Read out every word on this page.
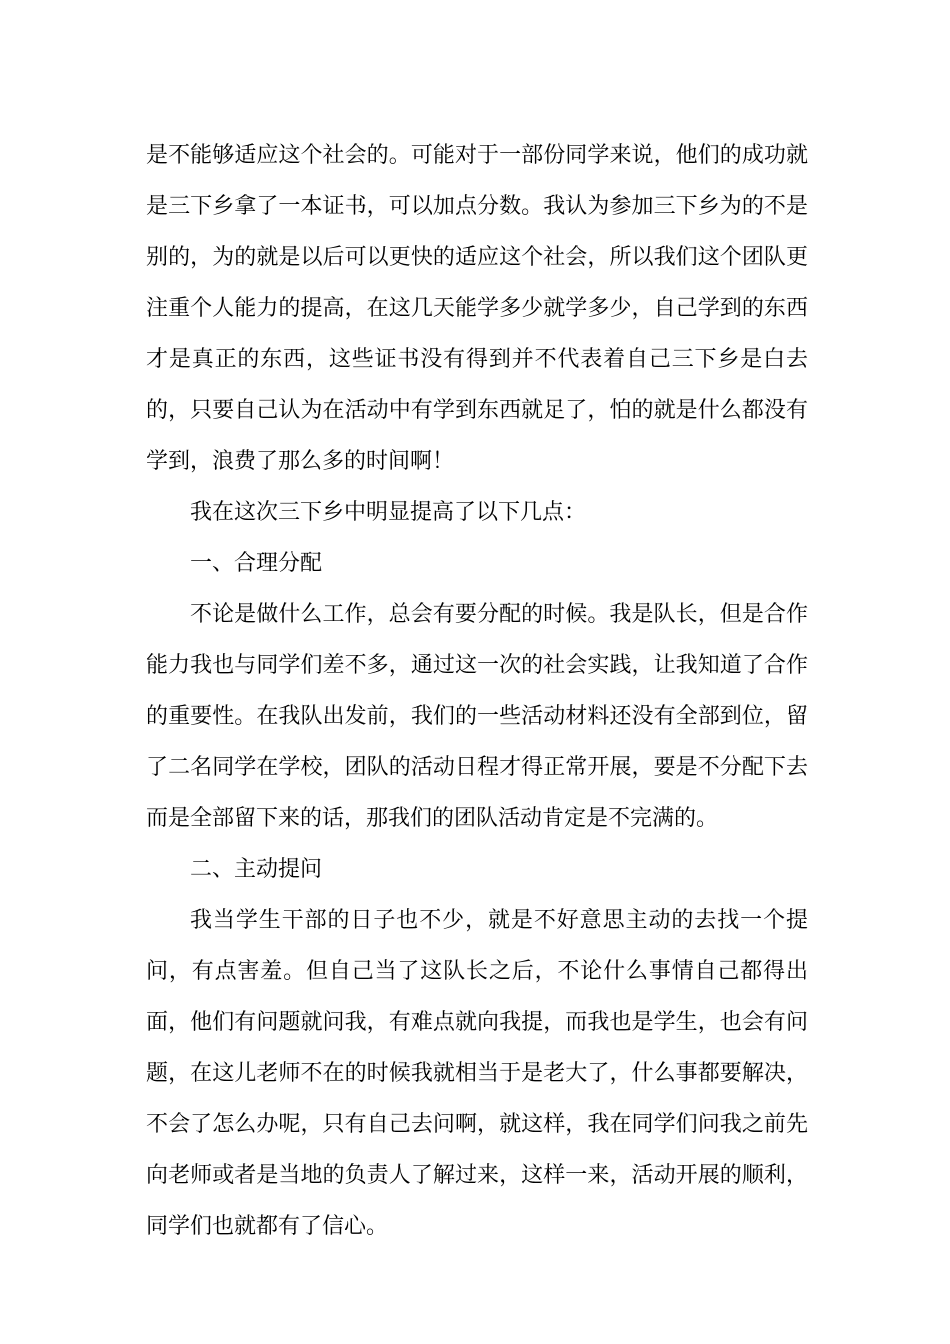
是不能够适应这个社会的。可能对于一部份同学来说，他们的成功就是三下乡拿了一本证书，可以加点分数。我认为参加三下乡为的不是别的，为的就是以后可以更快的适应这个社会，所以我们这个团队更注重个人能力的提高，在这几天能学多少就学多少，自己学到的东西才是真正的东西，这些证书没有得到并不代表着自己三下乡是白去的，只要自己认为在活动中有学到东西就足了，怕的就是什么都没有学到，浪费了那么多的时间啊！

我在这次三下乡中明显提高了以下几点：

一、合理分配

不论是做什么工作，总会有要分配的时候。我是队长，但是合作能力我也与同学们差不多，通过这一次的社会实践，让我知道了合作的重要性。在我队出发前，我们的一些活动材料还没有全部到位，留了二名同学在学校，团队的活动日程才得正常开展，要是不分配下去而是全部留下来的话，那我们的团队活动肯定是不完满的。

二、主动提问

我当学生干部的日子也不少，就是不好意思主动的去找一个提问，有点害羞。但自己当了这队长之后，不论什么事情自己都得出面，他们有问题就问我，有难点就向我提，而我也是学生，也会有问题，在这儿老师不在的时候我就相当于是老大了，什么事都要解决，不会了怎么办呢，只有自己去问啊，就这样，我在同学们问我之前先向老师或者是当地的负责人了解过来，这样一来，活动开展的顺利，同学们也就都有了信心。
